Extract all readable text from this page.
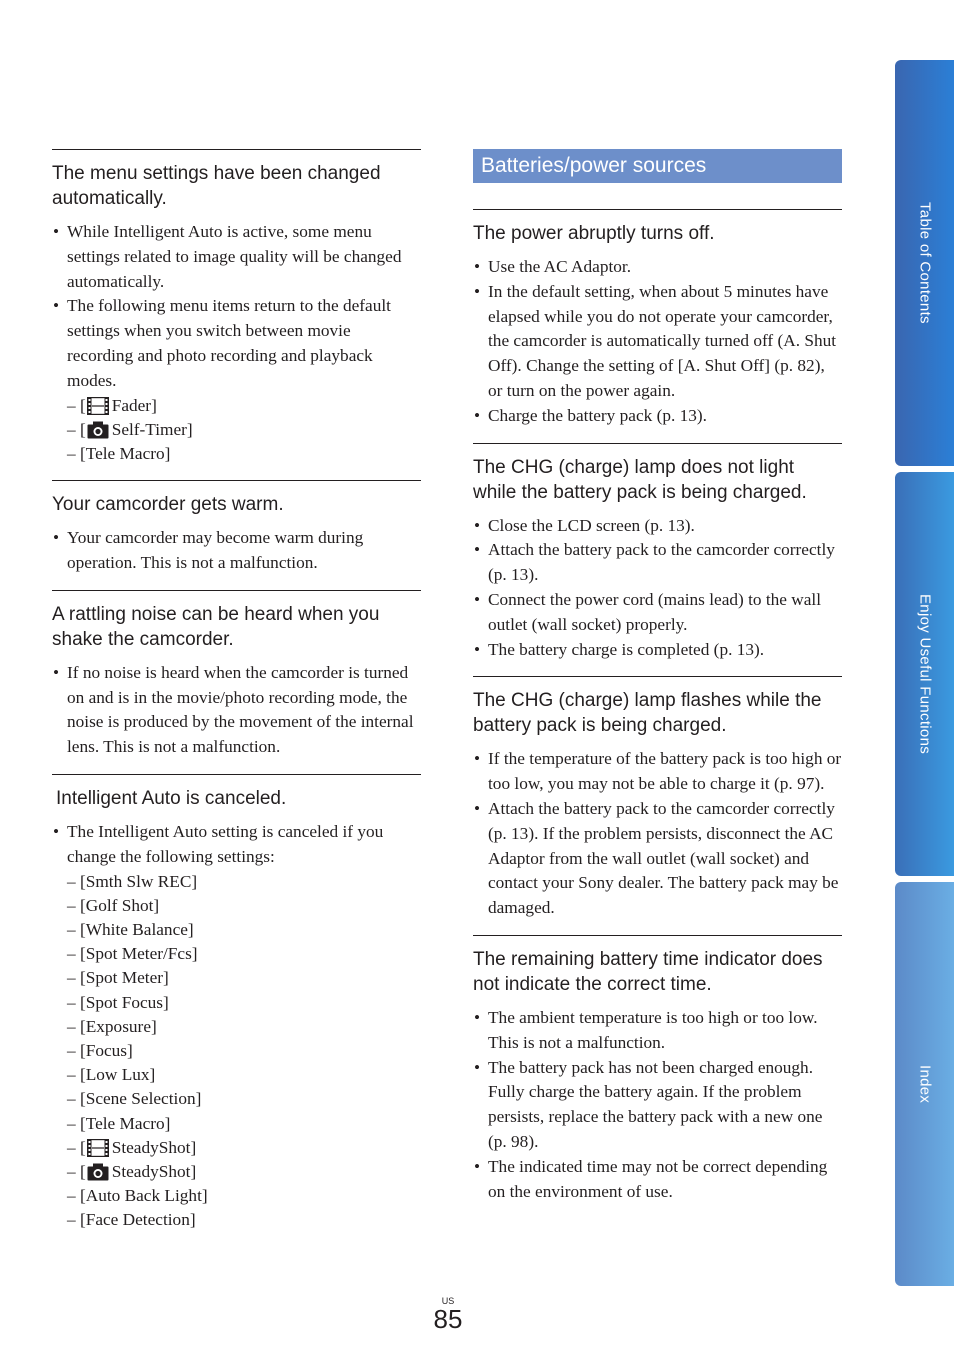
The menu settings have been changed automatically.
• While Intelligent Auto is active, some menu settings related to image quality will be changed automatically.
• The following menu items return to the default settings when you switch between movie recording and photo recording and playback modes.
– [ Fader]
– [ Self-Timer]
– [Tele Macro]
Your camcorder gets warm.
• Your camcorder may become warm during operation. This is not a malfunction.
A rattling noise can be heard when you shake the camcorder.
• If no noise is heard when the camcorder is turned on and is in the movie/photo recording mode, the noise is produced by the movement of the internal lens. This is not a malfunction.
Intelligent Auto is canceled.
• The Intelligent Auto setting is canceled if you change the following settings:
– [Smth Slw REC]
– [Golf Shot]
– [White Balance]
– [Spot Meter/Fcs]
– [Spot Meter]
– [Spot Focus]
– [Exposure]
– [Focus]
– [Low Lux]
– [Scene Selection]
– [Tele Macro]
– [ SteadyShot]
– [ SteadyShot]
– [Auto Back Light]
– [Face Detection]
Batteries/power sources
The power abruptly turns off.
• Use the AC Adaptor.
• In the default setting, when about 5 minutes have elapsed while you do not operate your camcorder, the camcorder is automatically turned off (A. Shut Off). Change the setting of [A. Shut Off] (p. 82), or turn on the power again.
• Charge the battery pack (p. 13).
The CHG (charge) lamp does not light while the battery pack is being charged.
• Close the LCD screen (p. 13).
• Attach the battery pack to the camcorder correctly (p. 13).
• Connect the power cord (mains lead) to the wall outlet (wall socket) properly.
• The battery charge is completed (p. 13).
The CHG (charge) lamp flashes while the battery pack is being charged.
• If the temperature of the battery pack is too high or too low, you may not be able to charge it (p. 97).
• Attach the battery pack to the camcorder correctly (p. 13). If the problem persists, disconnect the AC Adaptor from the wall outlet (wall socket) and contact your Sony dealer. The battery pack may be damaged.
The remaining battery time indicator does not indicate the correct time.
• The ambient temperature is too high or too low. This is not a malfunction.
• The battery pack has not been charged enough. Fully charge the battery again. If the problem persists, replace the battery pack with a new one (p. 98).
• The indicated time may not be correct depending on the environment of use.
Table of Contents
Enjoy Useful Functions
Index
US
85
